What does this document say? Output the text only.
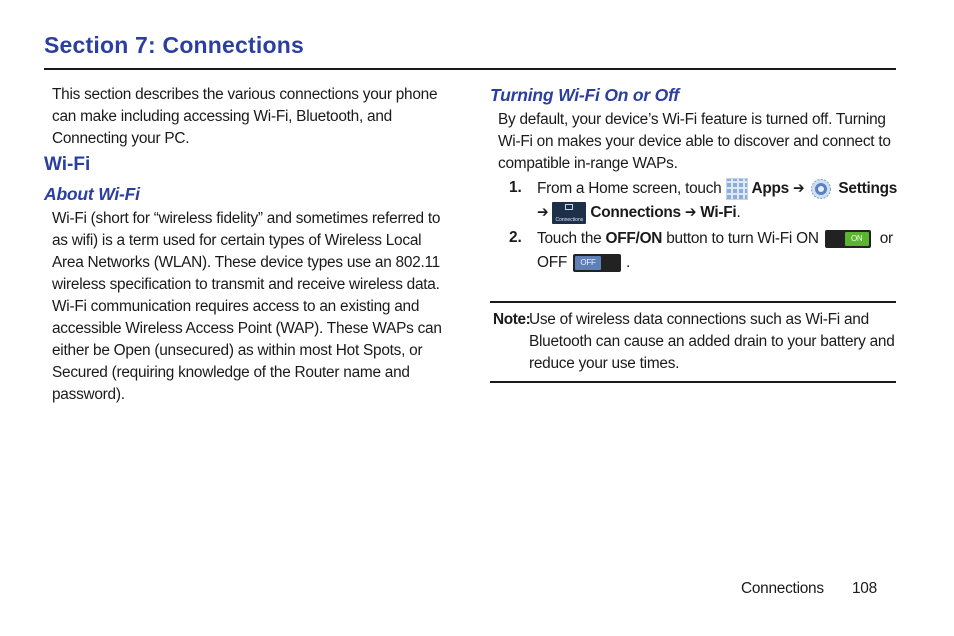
Section 7: Connections

This section describes the various connections your phone can make including accessing Wi-Fi, Bluetooth, and Connecting your PC.

Wi-Fi
About Wi-Fi

Wi-Fi (short for “wireless fidelity” and sometimes referred to as wifi) is a term used for certain types of Wireless Local Area Networks (WLAN). These device types use an 802.11 wireless specification to transmit and receive wireless data. Wi-Fi communication requires access to an existing and accessible Wireless Access Point (WAP). These WAPs can either be Open (unsecured) as within most Hot Spots, or Secured (requiring knowledge of the Router name and password).

Turning Wi-Fi On or Off

By default, your device’s Wi-Fi feature is turned off. Turning Wi-Fi on makes your device able to discover and connect to compatible in-range WAPs.

1. From a Home screen, touch Apps ➔ Settings
➔	Connections Connections ➔ Wi-Fi.

2. Touch the OFF/ON button to turn Wi-Fi ON	ON	or
OFF	OFF	.

Note:

Use of wireless data connections such as Wi-Fi and Bluetooth can cause an added drain to your battery and reduce your use times.

Connections 108
